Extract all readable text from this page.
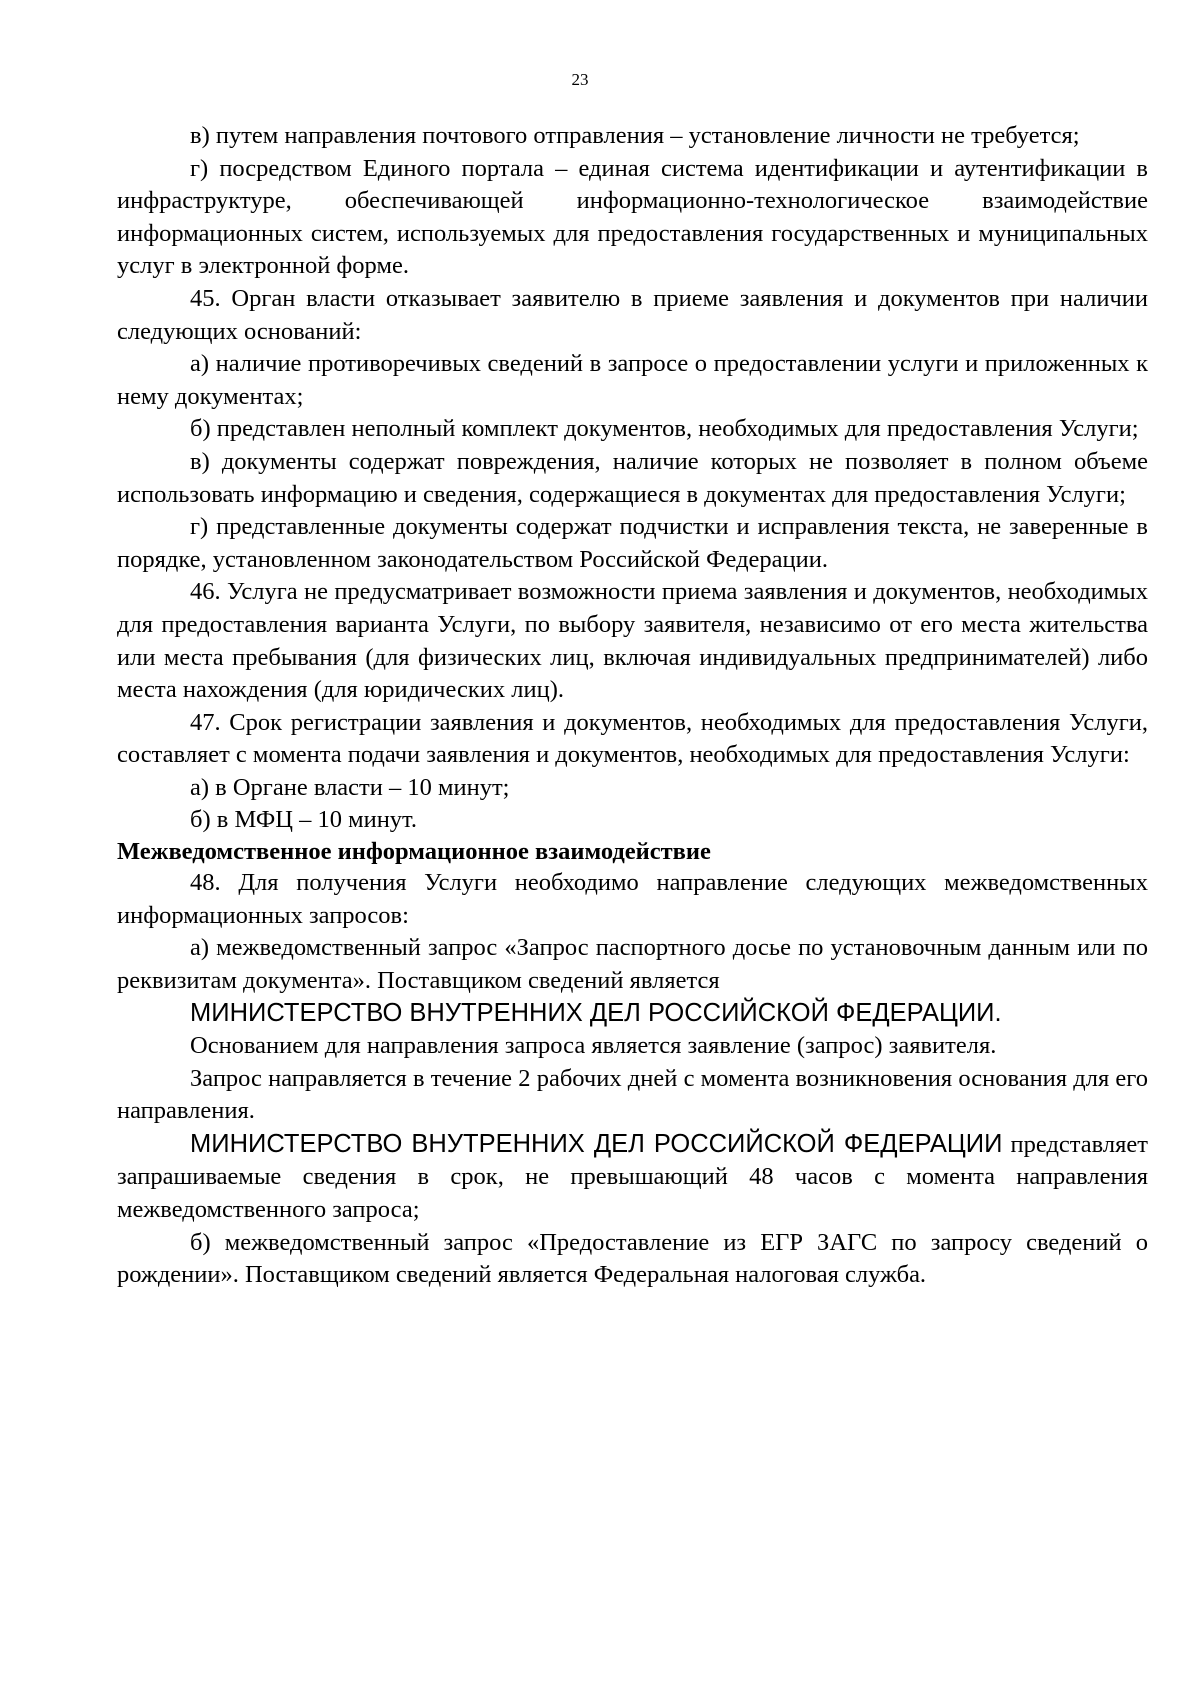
23

в) путем направления почтового отправления – установление личности не требуется;

г) посредством Единого портала – единая система идентификации и аутентификации в инфраструктуре, обеспечивающей информационно-технологическое взаимодействие информационных систем, используемых для предоставления государственных и муниципальных услуг в электронной форме.

45. Орган власти отказывает заявителю в приеме заявления и документов при наличии следующих оснований:

а) наличие противоречивых сведений в запросе о предоставлении услуги и приложенных к нему документах;

б) представлен неполный комплект документов, необходимых для предоставления Услуги;

в) документы содержат повреждения, наличие которых не позволяет в полном объеме использовать информацию и сведения, содержащиеся в документах для предоставления Услуги;

г) представленные документы содержат подчистки и исправления текста, не заверенные в порядке, установленном законодательством Российской Федерации.

46. Услуга не предусматривает возможности приема заявления и документов, необходимых для предоставления варианта Услуги, по выбору заявителя, независимо от его места жительства или места пребывания (для физических лиц, включая индивидуальных предпринимателей) либо места нахождения (для юридических лиц).

47. Срок регистрации заявления и документов, необходимых для предоставления Услуги, составляет с момента подачи заявления и документов, необходимых для предоставления Услуги:

а) в Органе власти – 10 минут;

б) в МФЦ – 10 минут.

Межведомственное информационное взаимодействие

48. Для получения Услуги необходимо направление следующих межведомственных информационных запросов:

а) межведомственный запрос «Запрос паспортного досье по установочным данным или по реквизитам документа». Поставщиком сведений является

МИНИСТЕРСТВО ВНУТРЕННИХ ДЕЛ РОССИЙСКОЙ ФЕДЕРАЦИИ.

Основанием для направления запроса является заявление (запрос) заявителя.

Запрос направляется в течение 2 рабочих дней с момента возникновения основания для его направления.

МИНИСТЕРСТВО ВНУТРЕННИХ ДЕЛ РОССИЙСКОЙ ФЕДЕРАЦИИ представляет запрашиваемые сведения в срок, не превышающий 48 часов с момента направления межведомственного запроса;

б) межведомственный запрос «Предоставление из ЕГР ЗАГС по запросу сведений о рождении». Поставщиком сведений является Федеральная налоговая служба.
